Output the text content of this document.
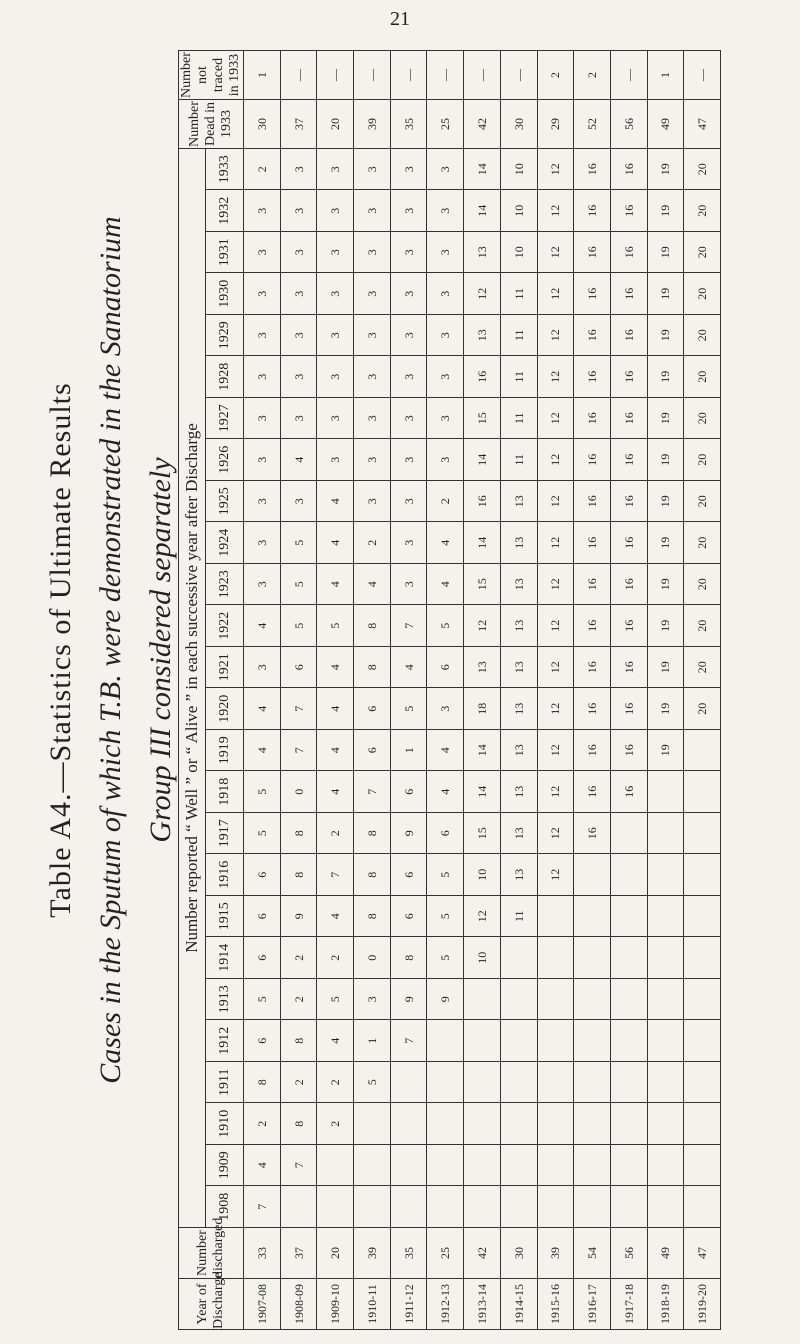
21
Table A4.—Statistics of Ultimate Results Cases in the Sputum of which T.B. were demonstrated in the Sanatorium Group III considered separately
Year of Discharge	Number discharged	Number reported “ Well ” or “ Alive ” in each successive year after Discharge																										Number Dead in 1933	Number not traced in 1933
		1908	1909	1910	1911	1912	1913	1914	1915	1916	1917	1918	1919	1920	1921	1922	1923	1924	1925	1926	1927	1928	1929	1930	1931	1932	1933		
1907-08	33	7	4	2	8	6	5	6	6	6	5	5	4	4	3	4	3	3	3	3	3	3	3	3	3	3	2	30	1
1908-09	37		7	8	2	8	2	2	9	8	8	0	7	7	6	5	5	5	3	4	3	3	3	3	3	3	3	37	—
1909-10	20			2	2	4	5	2	4	7	2	4	4	4	4	5	4	4	4	3	3	3	3	3	3	3	3	20	—
1910-11	39				5	1	3	0	8	8	8	7	6	6	8	8	4	2	3	3	3	3	3	3	3	3	3	39	—
1911-12	35					7	9	8	6	6	9	6	1	5	4	7	3	3	3	3	3	3	3	3	3	3	3	35	—
1912-13	25						9	5	5	5	6	4	4	3	6	5	4	4	2	3	3	3	3	3	3	3	3	25	—
1913-14	42							10	12	10	15	14	14	18	13	12	15	14	16	14	15	16	13	12	13	14	14	42	—
1914-15	30								11	13	13	13	13	13	13	13	13	13	13	11	11	11	11	11	10	10	10	30	—
1915-16	39									12	12	12	12	12	12	12	12	12	12	12	12	12	12	12	12	12	12	29	2
1916-17	54										16	16	16	16	16	16	16	16	16	16	16	16	16	16	16	16	16	52	2
1917-18	56											16	16	16	16	16	16	16	16	16	16	16	16	16	16	16	16	56	—
1918-19	49												19	19	19	19	19	19	19	19	19	19	19	19	19	19	19	49	1
1919-20	47													20	20	20	20	20	20	20	20	20	20	20	20	20	20	47	—
